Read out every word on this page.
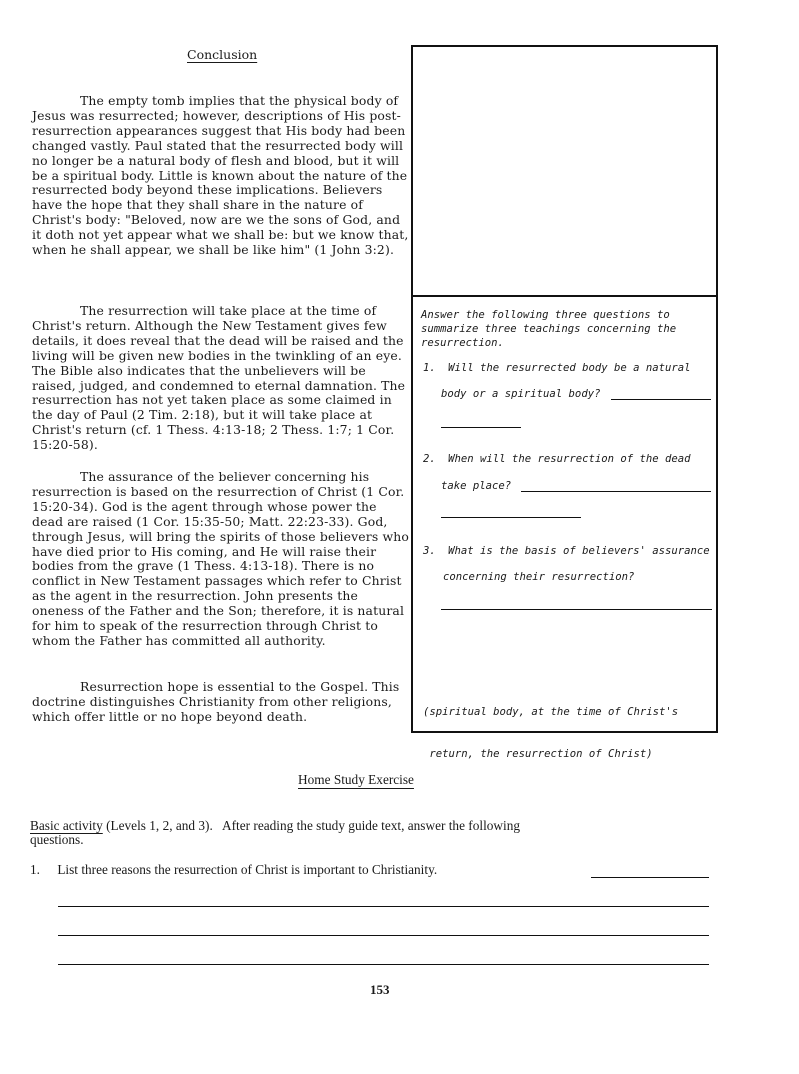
Conclusion

The empty tomb implies that the physical body of Jesus was resurrected; however, descriptions of His post-resurrection appearances suggest that His body had been changed vastly. Paul stated that the resurrected body will no longer be a natural body of flesh and blood, but it will be a spiritual body. Little is known about the nature of the resurrected body beyond these implications. Believers have the hope that they shall share in the nature of Christ's body: "Beloved, now are we the sons of God, and it doth not yet appear what we shall be: but we know that, when he shall appear, we shall be like him" (1 John 3:2).

The resurrection will take place at the time of Christ's return. Although the New Testament gives few details, it does reveal that the dead will be raised and the living will be given new bodies in the twinkling of an eye. The Bible also indicates that the unbelievers will be raised, judged, and condemned to eternal damnation. The resurrection has not yet taken place as some claimed in the day of Paul (2 Tim. 2:18), but it will take place at Christ's return (cf. 1 Thess. 4:13-18; 2 Thess. 1:7; 1 Cor. 15:20-58).

The assurance of the believer concerning his resurrection is based on the resurrection of Christ (1 Cor. 15:20-34). God is the agent through whose power the dead are raised (1 Cor. 15:35-50; Matt. 22:23-33). God, through Jesus, will bring the spirits of those believers who have died prior to His coming, and He will raise their bodies from the grave (1 Thess. 4:13-18). There is no conflict in New Testament passages which refer to Christ as the agent in the resurrection. John presents the oneness of the Father and the Son; therefore, it is natural for him to speak of the resurrection through Christ to whom the Father has committed all authority.

Resurrection hope is essential to the Gospel. This doctrine distinguishes Christianity from other religions, which offer little or no hope beyond death.

Answer the following three questions to
summarize three teachings concerning the
resurrection.
1. Will the resurrected body be a natural
body or a spiritual body?
2. When will the resurrection of the dead
take place?
3. What is the basis of believers' assurance
concerning their resurrection?

(spiritual body, at the time of Christ's

return, the resurrection of Christ)

Home Study Exercise
Basic activity (Levels 1, 2, and 3).   After reading the study guide text, answer the following
questions.
1. List three reasons the resurrection of Christ is important to Christianity.
153
